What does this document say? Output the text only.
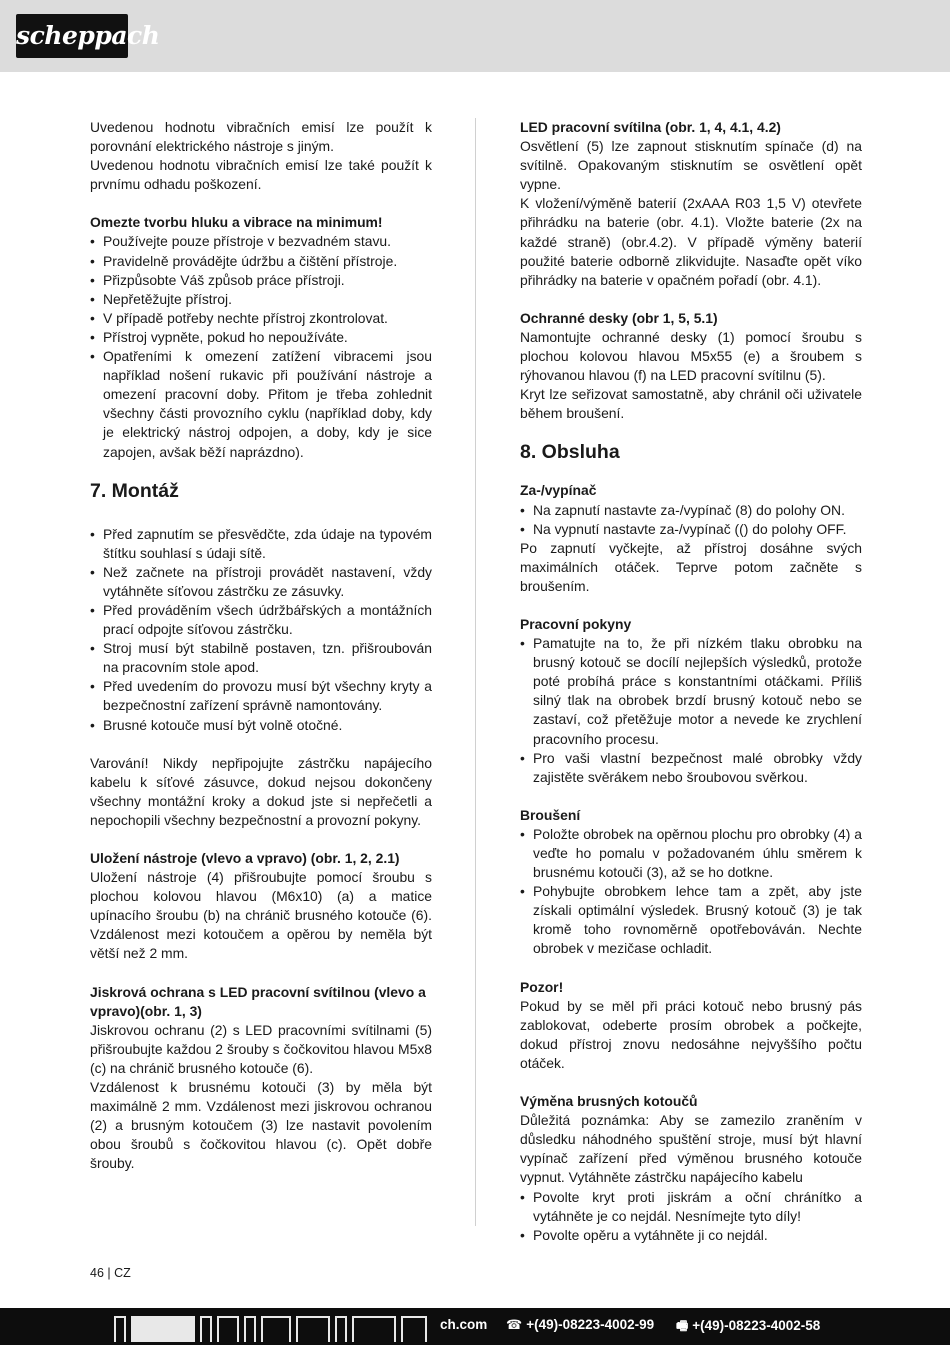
scheppach

Uvedenou hodnotu vibračních emisí lze použít k porovnání elektrického nástroje s jiným.

Uvedenou hodnotu vibračních emisí lze také použít k prvnímu odhadu poškození.

Omezte tvorbu hluku a vibrace na minimum!
• Používejte pouze přístroje v bezvadném stavu.
• Pravidelně provádějte údržbu a čištění přístroje.
• Přizpůsobte Váš způsob práce přístroji.
• Nepřetěžujte přístroj.
• V případě potřeby nechte přístroj zkontrolovat.
• Přístroj vypněte, pokud ho nepoužíváte.
• Opatřeními k omezení zatížení vibracemi jsou například nošení rukavic při používání nástroje a omezení pracovní doby. Přitom je třeba zohlednit všechny části provozního cyklu (například doby, kdy je elektrický nástroj odpojen, a doby, kdy je sice zapojen, avšak běží naprázdno).
7. Montáž
• Před zapnutím se přesvědčte, zda údaje na typovém štítku souhlasí s údaji sítě.
• Než začnete na přístroji provádět nastavení, vždy vytáhněte síťovou zástrčku ze zásuvky.
• Před prováděním všech údržbářských a montážních prací odpojte síťovou zástrčku.
• Stroj musí být stabilně postaven, tzn. přišroubován na pracovním stole apod.
• Před uvedením do provozu musí být všechny kryty a bezpečnostní zařízení správně namontovány.
• Brusné kotouče musí být volně otočné.

Varování! Nikdy nepřipojujte zástrčku napájecího kabelu k síťové zásuvce, dokud nejsou dokončeny všechny montážní kroky a dokud jste si nepřečetli a nepochopili všechny bezpečnostní a provozní pokyny.

Uložení nástroje (vlevo a vpravo) (obr. 1, 2, 2.1)

Uložení nástroje (4) přišroubujte pomocí šroubu s plochou kolovou hlavou (M6x10) (a) a matice upínacího šroubu (b) na chránič brusného kotouče (6). Vzdálenost mezi kotoučem a opěrou by neměla být větší než 2 mm.

Jiskrová ochrana s LED pracovní svítilnou (vlevo a vpravo)(obr. 1, 3)

Jiskrovou ochranu (2) s LED pracovními svítilnami (5) přišroubujte každou 2 šrouby s čočkovitou hlavou M5x8 (c) na chránič brusného kotouče (6).

Vzdálenost k brusnému kotouči (3) by měla být maximálně 2 mm. Vzdálenost mezi jiskrovou ochranou (2) a brusným kotoučem (3) lze nastavit povolením obou šroubů s čočkovitou hlavou (c). Opět dobře šrouby.

LED pracovní svítilna (obr. 1, 4, 4.1, 4.2)

Osvětlení (5) lze zapnout stisknutím spínače (d) na svítilně. Opakovaným stisknutím se osvětlení opět vypne.

K vložení/výměně baterií (2xAAA R03 1,5 V) otevřete přihrádku na baterie (obr. 4.1). Vložte baterie (2x na každé straně) (obr.4.2). V případě výměny baterií použité baterie odborně zlikvidujte. Nasaďte opět víko přihrádky na baterie v opačném pořadí (obr. 4.1).

Ochranné desky (obr 1, 5, 5.1)

Namontujte ochranné desky (1) pomocí šroubu s plochou kolovou hlavou M5x55 (e) a šroubem s rýhovanou hlavou (f) na LED pracovní svítilnu (5).

Kryt lze seřizovat samostatně, aby chránil oči uživatele během broušení.

8. Obsluha
Za-/vypínač
• Na zapnutí nastavte za-/vypínač (8) do polohy ON.
• Na vypnutí nastavte za-/vypínač (() do polohy OFF.

Po zapnutí vyčkejte, až přístroj dosáhne svých maximálních otáček. Teprve potom začněte s broušením.

Pracovní pokyny
• Pamatujte na to, že při nízkém tlaku obrobku na brusný kotouč se docílí nejlepších výsledků, protože poté probíhá práce s konstantními otáčkami. Příliš silný tlak na obrobek brzdí brusný kotouč nebo se zastaví, což přetěžuje motor a nevede ke zrychlení pracovního procesu.
• Pro vaši vlastní bezpečnost malé obrobky vždy zajistěte svěrákem nebo šroubovou svěrkou.
Broušení
• Položte obrobek na opěrnou plochu pro obrobky (4) a veďte ho pomalu v požadovaném úhlu směrem k brusnému kotouči (3), až se ho dotkne.
• Pohybujte obrobkem lehce tam a zpět, aby jste získali optimální výsledek. Brusný kotouč (3) je tak kromě toho rovnoměrně opotřebováván. Nechte obrobek v mezičase ochladit.
Pozor!

Pokud by se měl při práci kotouč nebo brusný pás zablokovat, odeberte prosím obrobek a počkejte, dokud přístroj znovu nedosáhne nejvyššího počtu otáček.

Výměna brusných kotoučů

Důležitá poznámka: Aby se zamezilo zraněním v důsledku náhodného spuštění stroje, musí být hlavní vypínač zařízení před výměnou brusného kotouče vypnut. Vytáhněte zástrčku napájecího kabelu

• Povolte kryt proti jiskrám a oční chránítko a vytáhněte je co nejdál. Nesnímejte tyto díly!
• Povolte opěru a vytáhněte ji co nejdál.
46 | CZ
ch.com ☎ +(49)-08223-4002-99 🖷 +(49)-08223-4002-58
